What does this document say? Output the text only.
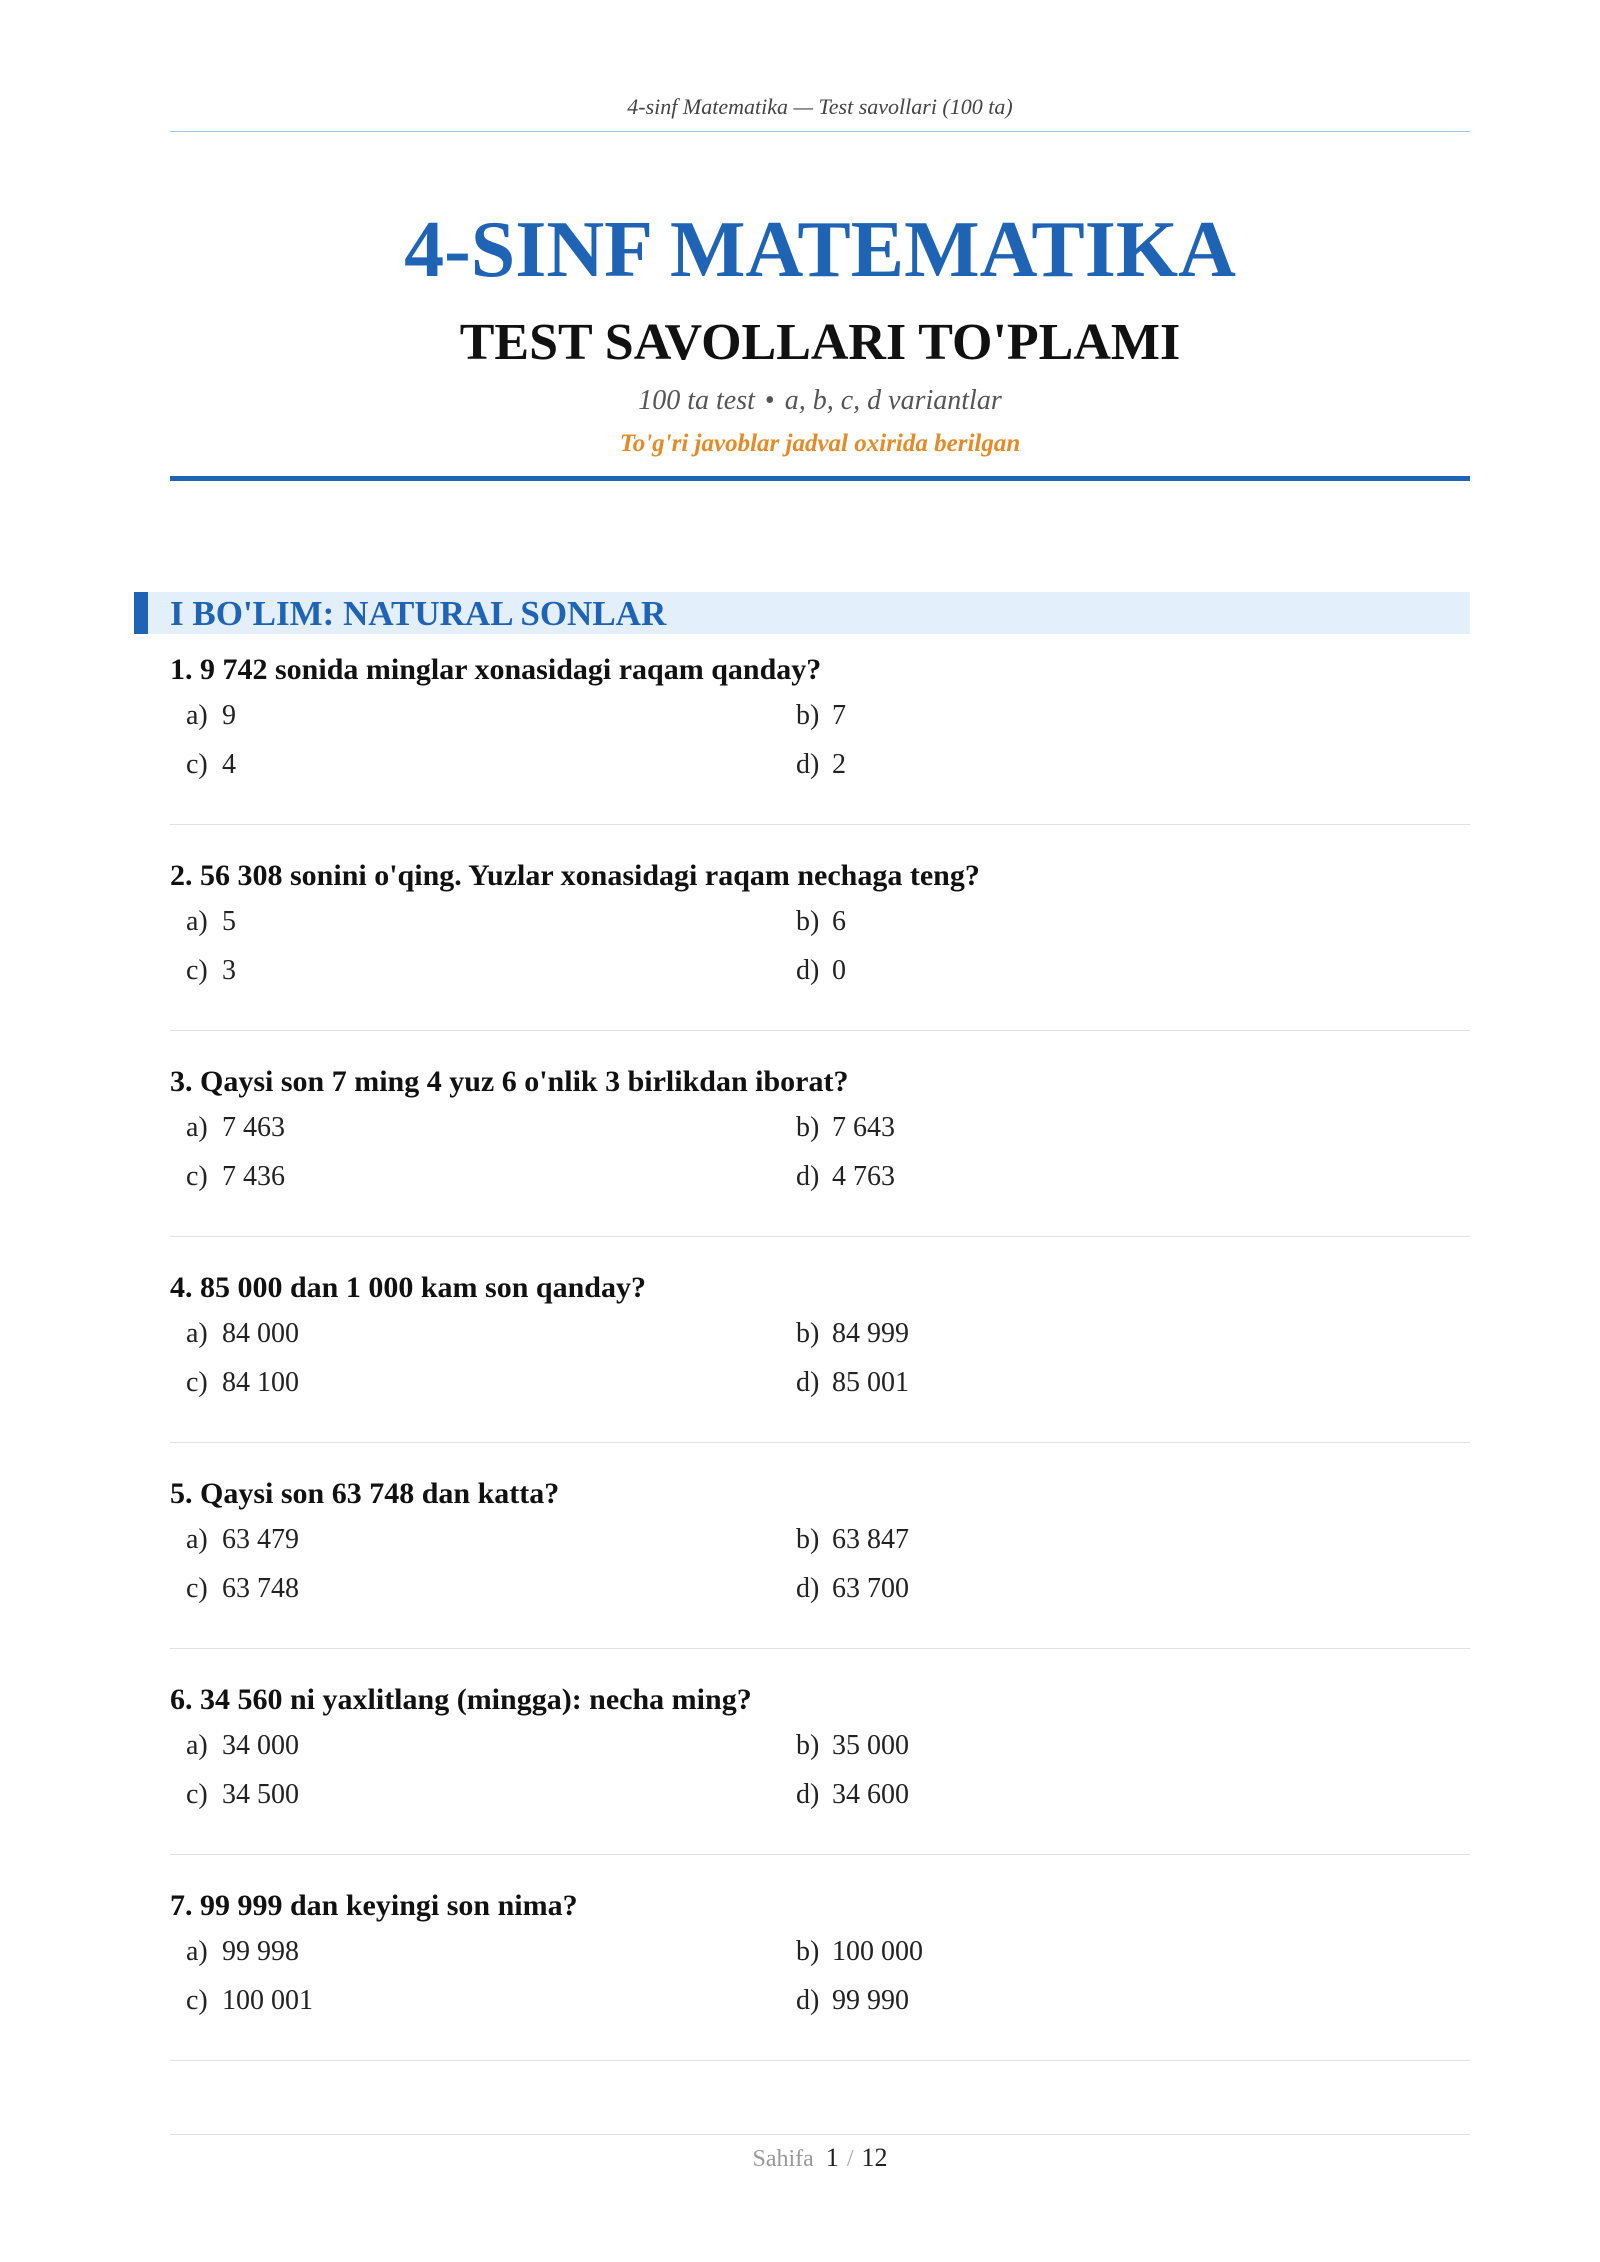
4-sinf Matematika — Test savollari (100 ta)
4-SINF MATEMATIKA
TEST SAVOLLARI TO'PLAMI
100 ta test • a, b, c, d variantlar
To'g'ri javoblar jadval oxirida berilgan
I BO'LIM: NATURAL SONLAR
1. 9 742 sonida minglar xonasidagi raqam qanday?
a) 9	b) 7
c) 4	d) 2
2. 56 308 sonini o'qing. Yuzlar xonasidagi raqam nechaga teng?
a) 5	b) 6
c) 3	d) 0
3. Qaysi son 7 ming 4 yuz 6 o'nlik 3 birlikdan iborat?
a) 7 463	b) 7 643
c) 7 436	d) 4 763
4. 85 000 dan 1 000 kam son qanday?
a) 84 000	b) 84 999
c) 84 100	d) 85 001
5. Qaysi son 63 748 dan katta?
a) 63 479	b) 63 847
c) 63 748	d) 63 700
6. 34 560 ni yaxlitlang (mingga): necha ming?
a) 34 000	b) 35 000
c) 34 500	d) 34 600
7. 99 999 dan keyingi son nima?
a) 99 998	b) 100 000
c) 100 001	d) 99 990
Sahifa 1 / 12
